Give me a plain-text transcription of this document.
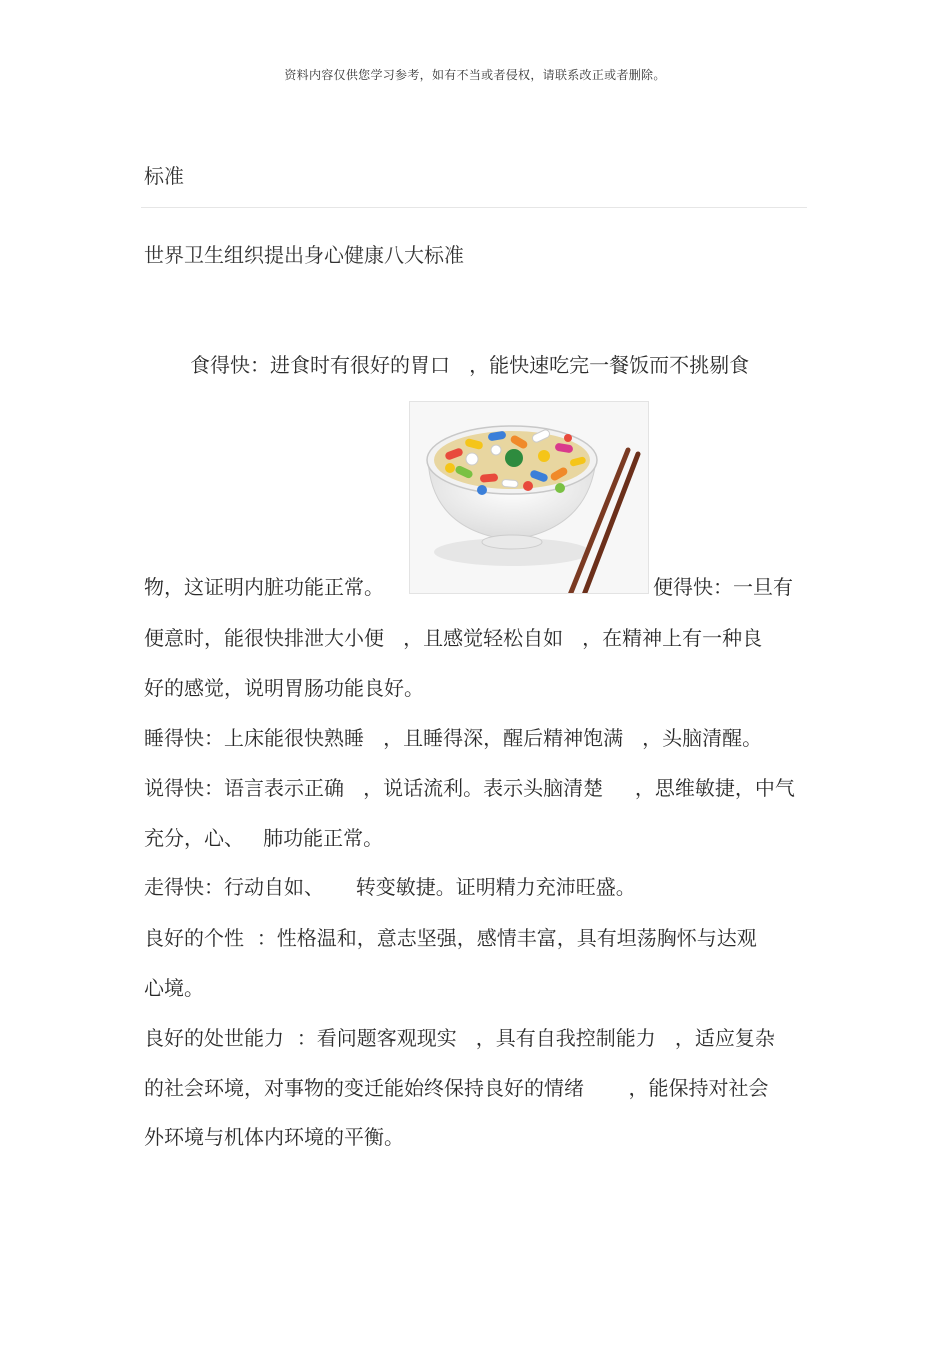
资料内容仅供您学习参考，如有不当或者侵权，请联系改正或者删除。
标准
世界卫生组织提出身心健康八大标准
食得快：进食时有很好的胃口   ，能快速吃完一餐饭而不挑剔食
物，这证明内脏功能正常。	便得快：一旦有
便意时，能很快排泄大小便   ，且感觉轻松自如   ，在精神上有一种良
好的感觉，说明胃肠功能良好。
睡得快：上床能很快熟睡   ，且睡得深，醒后精神饱满   ，头脑清醒。
说得快：语言表示正确   ，说话流利。表示头脑清楚     ，思维敏捷，中气
充分，心、   肺功能正常。
走得快：行动自如、     转变敏捷。证明精力充沛旺盛。
良好的个性  ：性格温和，意志坚强，感情丰富，具有坦荡胸怀与达观
心境。
良好的处世能力  ：看问题客观现实   ，具有自我控制能力   ，适应复杂
的社会环境，对事物的变迁能始终保持良好的情绪       ，能保持对社会
外环境与机体内环境的平衡。
